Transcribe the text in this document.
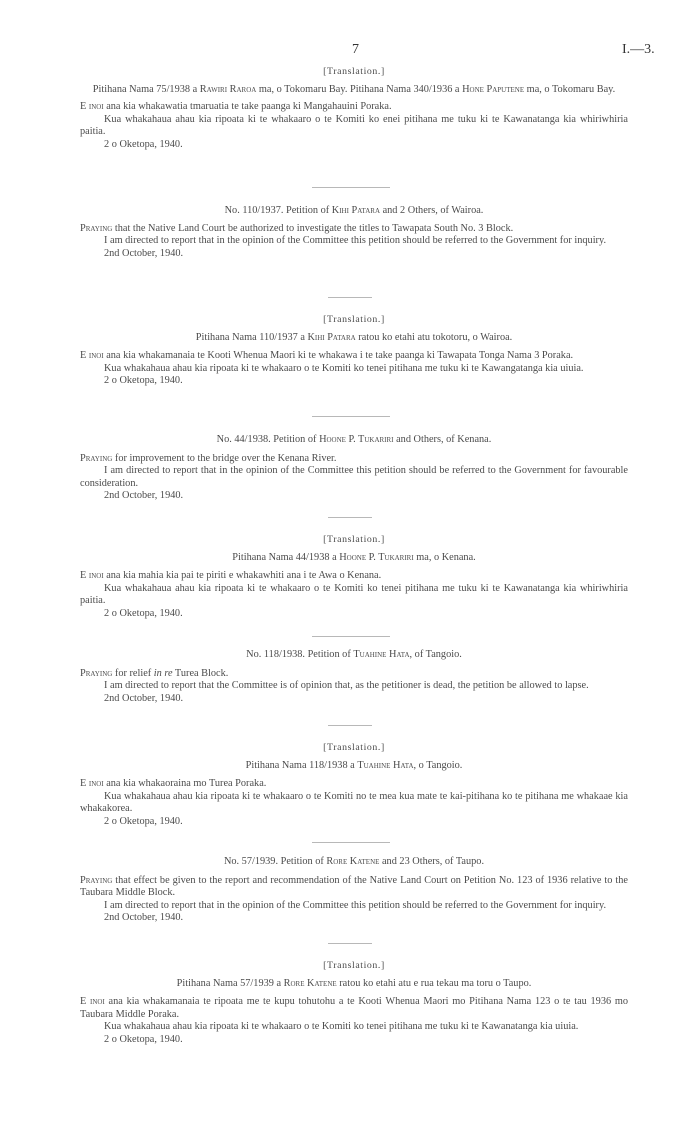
7	I.—3.

[Translation.]

Pitihana Nama 75/1938 a Rawiri Raroa ma, o Tokomaru Bay. Pitihana Nama 340/1936 a Hone Paputene ma, o Tokomaru Bay.

E inoi ana kia whakawatia tmaruatia te take paanga ki Mangahauini Poraka.

Kua whakahaua ahau kia ripoata ki te whakaaro o te Komiti ko enei pitihana me tuku ki te Kawanatanga kia whiriwhiria paitia.

2 o Oketopa, 1940.

No. 110/1937. Petition of Kihi Patara and 2 Others, of Wairoa.

Praying that the Native Land Court be authorized to investigate the titles to Tawapata South No. 3 Block.

I am directed to report that in the opinion of the Committee this petition should be referred to the Government for inquiry.

2nd October, 1940.

[Translation.]

Pitihana Nama 110/1937 a Kihi Patara ratou ko etahi atu tokotoru, o Wairoa.

E inoi ana kia whakamanaia te Kooti Whenua Maori ki te whakawa i te take paanga ki Tawapata Tonga Nama 3 Poraka.

Kua whakahaua ahau kia ripoata ki te whakaaro o te Komiti ko tenei pitihana me tuku ki te Kawangatanga kia uiuia.

2 o Oketopa, 1940.

No. 44/1938. Petition of Hoone P. Tukariri and Others, of Kenana.

Praying for improvement to the bridge over the Kenana River.

I am directed to report that in the opinion of the Committee this petition should be referred to the Government for favourable consideration.

2nd October, 1940.

[Translation.]

Pitihana Nama 44/1938 a Hoone P. Tukariri ma, o Kenana.

E inoi ana kia mahia kia pai te piriti e whakawhiti ana i te Awa o Kenana.

Kua whakahaua ahau kia ripoata ki te whakaaro o te Komiti ko tenei pitihana me tuku ki te Kawanatanga kia whiriwhiria paitia.

2 o Oketopa, 1940.

No. 118/1938. Petition of Tuahine Hata, of Tangoio.

Praying for relief in re Turea Block.

I am directed to report that the Committee is of opinion that, as the petitioner is dead, the petition be allowed to lapse.

2nd October, 1940.

[Translation.]

Pitihana Nama 118/1938 a Tuahine Hata, o Tangoio.

E inoi ana kia whakaoraina mo Turea Poraka.

Kua whakahaua ahau kia ripoata ki te whakaaro o te Komiti no te mea kua mate te kai-pitihana ko te pitihana me whakaae kia whakakorea.

2 o Oketopa, 1940.

No. 57/1939. Petition of Rore Katene and 23 Others, of Taupo.

Praying that effect be given to the report and recommendation of the Native Land Court on Petition No. 123 of 1936 relative to the Taubara Middle Block.

I am directed to report that in the opinion of the Committee this petition should be referred to the Government for inquiry.

2nd October, 1940.

[Translation.]

Pitihana Nama 57/1939 a Rore Katene ratou ko etahi atu e rua tekau ma toru o Taupo.

E inoi ana kia whakamanaia te ripoata me te kupu tohutohu a te Kooti Whenua Maori mo Pitihana Nama 123 o te tau 1936 mo Taubara Middle Poraka.

Kua whakahaua ahau kia ripoata ki te whakaaro o te Komiti ko tenei pitihana me tuku ki te Kawanatanga kia uiuia.

2 o Oketopa, 1940.
